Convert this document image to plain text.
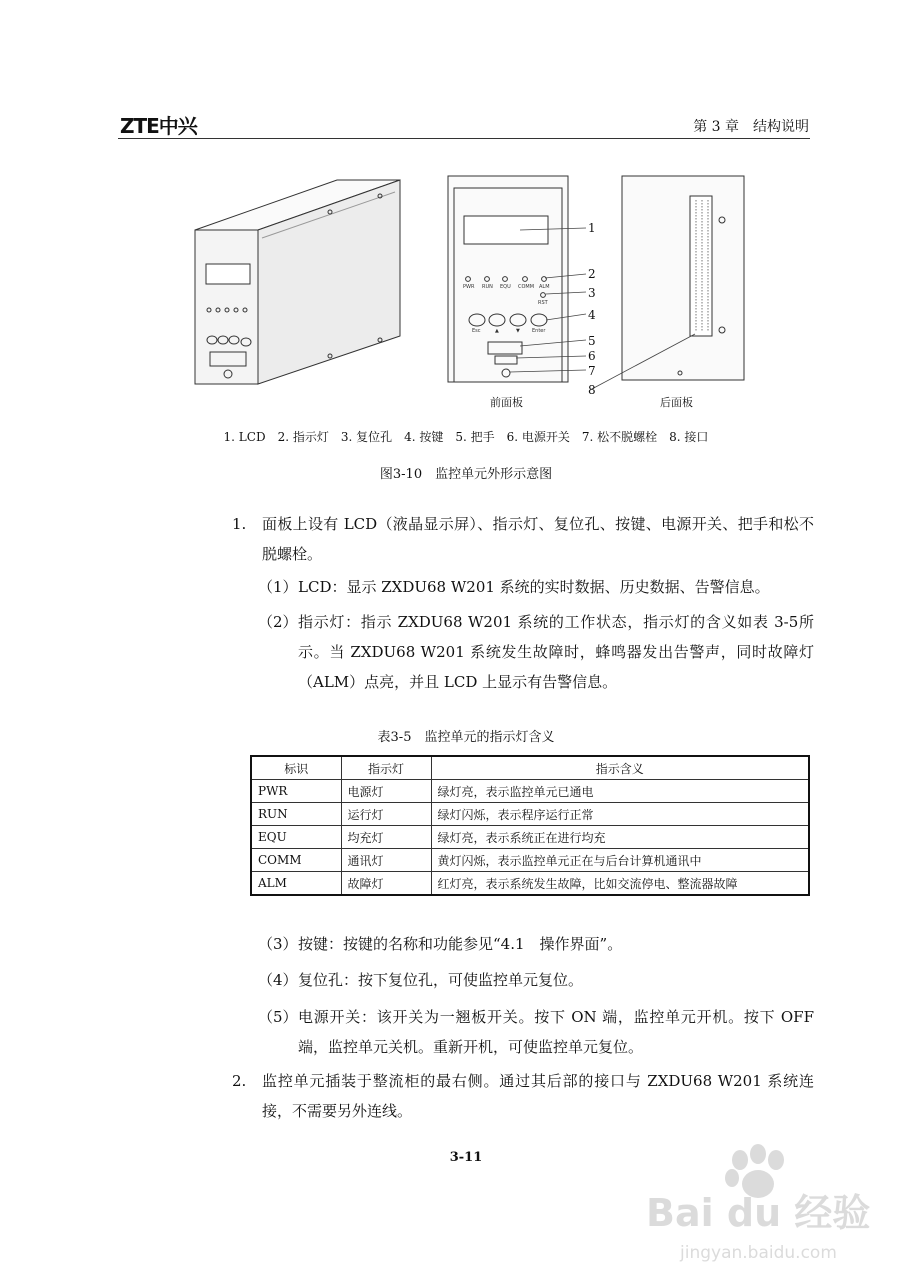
ZTE中兴	第 3 章　结构说明
1
2
3
4
5
6
7
8
PWR RUN EQU COMM ALM
RST
Esc	▲	▼ Enter
前面板	后面板
1. LCD　2. 指示灯　3. 复位孔　4. 按键　5. 把手　6. 电源开关　7. 松不脱螺栓　8. 接口
图3-10　监控单元外形示意图
1. 面板上设有 LCD（液晶显示屏）、指示灯、复位孔、按键、电源开关、把手和松不脱螺栓。
（1） LCD：显示 ZXDU68 W201 系统的实时数据、历史数据、告警信息。
（2） 指示灯：指示 ZXDU68 W201 系统的工作状态，指示灯的含义如表 3-5所示。当 ZXDU68 W201 系统发生故障时，蜂鸣器发出告警声，同时故障灯（ALM）点亮，并且 LCD 上显示有告警信息。
表3-5　监控单元的指示灯含义
标识	指示灯	指示含义
PWR	电源灯	绿灯亮，表示监控单元已通电
RUN	运行灯	绿灯闪烁，表示程序运行正常
EQU	均充灯	绿灯亮，表示系统正在进行均充
COMM	通讯灯	黄灯闪烁，表示监控单元正在与后台计算机通讯中
ALM	故障灯	红灯亮，表示系统发生故障，比如交流停电、整流器故障
（3） 按键：按键的名称和功能参见“4.1　操作界面”。
（4） 复位孔：按下复位孔，可使监控单元复位。
（5） 电源开关：该开关为一翘板开关。按下 ON 端，监控单元开机。按下 OFF 端，监控单元关机。重新开机，可使监控单元复位。
2. 监控单元插装于整流柜的最右侧。通过其后部的接口与 ZXDU68 W201 系统连接，不需要另外连线。
3-11
Bai du 经验
jingyan.baidu.com
